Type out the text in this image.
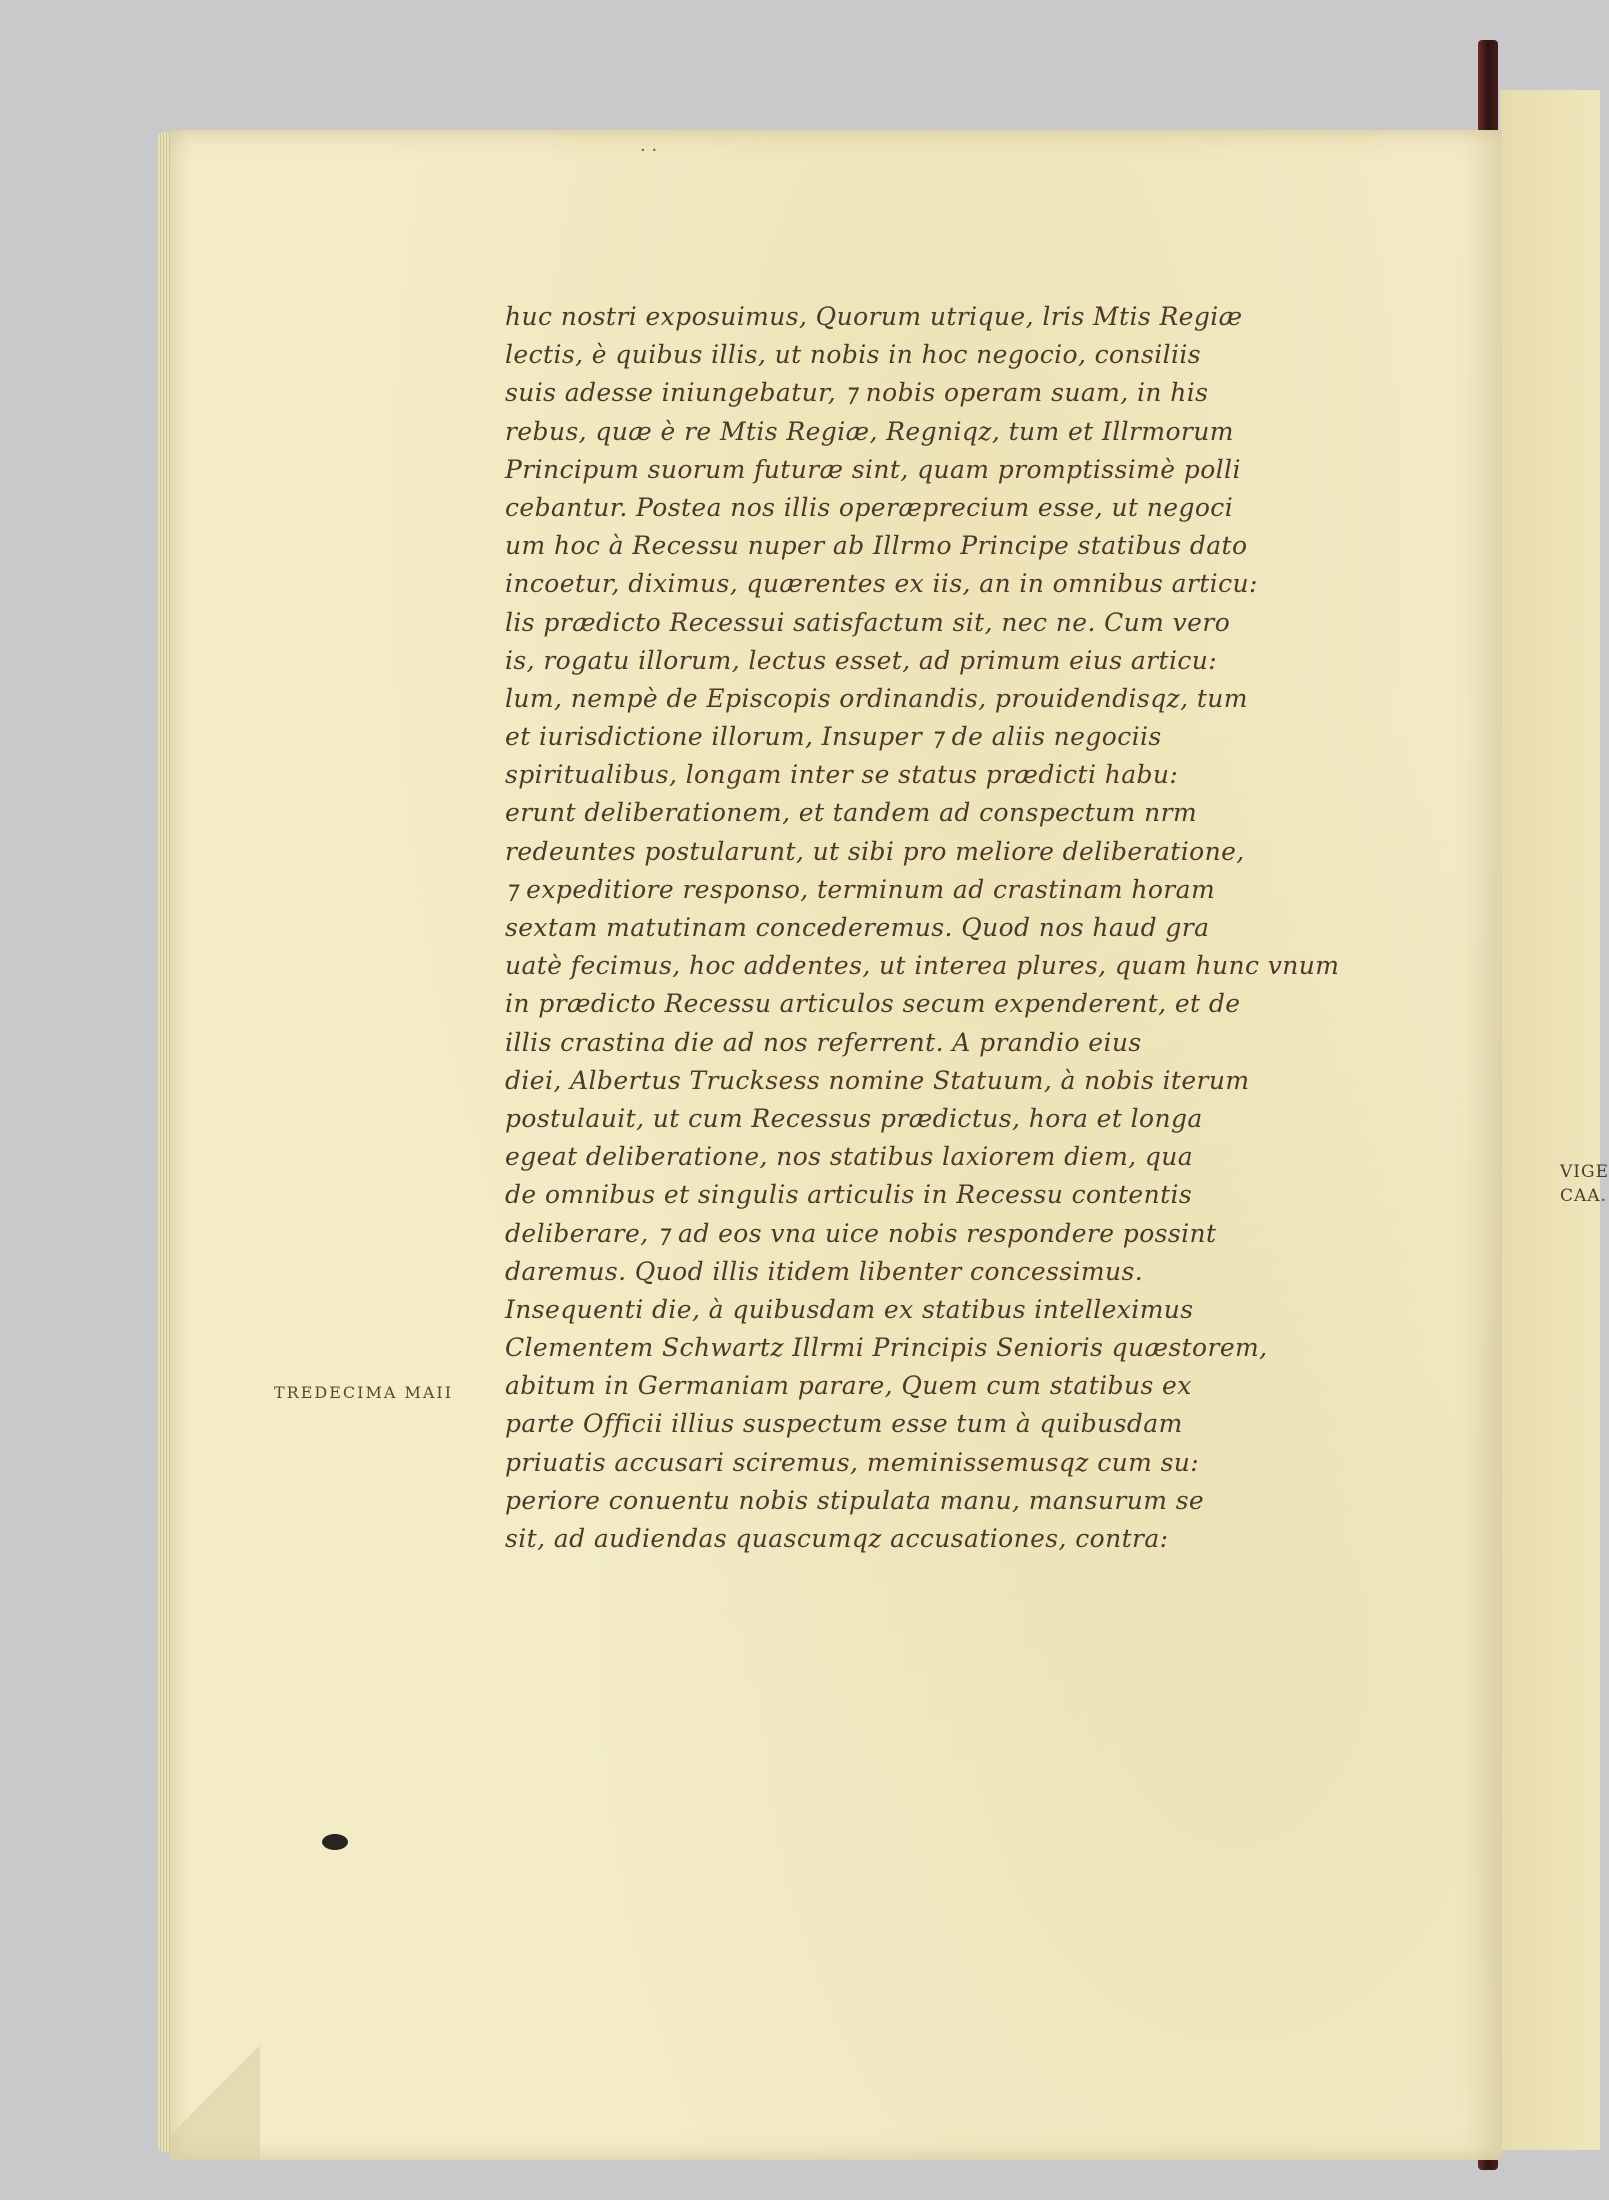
VIGE
CAA.
· ·
TREDECIMA MAII
huc nostri exposuimus, Quorum utrique, lris Mtis Regiæ
lectis, è quibus illis, ut nobis in hoc negocio, consiliis
suis adesse iniungebatur, ⁊ nobis operam suam, in his
rebus, quæ è re Mtis Regiæ, Regniqz, tum et Illrmorum
Principum suorum futuræ sint, quam promptissimè polli
cebantur. Postea nos illis operæprecium esse, ut negoci
um hoc à Recessu nuper ab Illrmo Principe statibus dato
incoetur, diximus, quærentes ex iis, an in omnibus articu:
lis prædicto Recessui satisfactum sit, nec ne. Cum vero
is, rogatu illorum, lectus esset, ad primum eius articu:
lum, nempè de Episcopis ordinandis, prouidendisqz, tum
et iurisdictione illorum, Insuper ⁊ de aliis negociis
spiritualibus, longam inter se status prædicti habu:
erunt deliberationem, et tandem ad conspectum nrm
redeuntes postularunt, ut sibi pro meliore deliberatione,
⁊ expeditiore responso, terminum ad crastinam horam
sextam matutinam concederemus. Quod nos haud gra
uatè fecimus, hoc addentes, ut interea plures, quam hunc vnum
in prædicto Recessu articulos secum expenderent, et de
illis crastina die ad nos referrent. A prandio eius
diei, Albertus Trucksess nomine Statuum, à nobis iterum
postulauit, ut cum Recessus prædictus, hora et longa
egeat deliberatione, nos statibus laxiorem diem, qua
de omnibus et singulis articulis in Recessu contentis
deliberare, ⁊ ad eos vna uice nobis respondere possint
daremus. Quod illis itidem libenter concessimus.
Insequenti die, à quibusdam ex statibus intelleximus
Clementem Schwartz Illrmi Principis Senioris quæstorem,
abitum in Germaniam parare, Quem cum statibus ex
parte Officii illius suspectum esse tum à quibusdam
priuatis accusari sciremus, meminissemusqz cum su:
periore conuentu nobis stipulata manu, mansurum se
sit, ad audiendas quascumqz accusationes, contra:
